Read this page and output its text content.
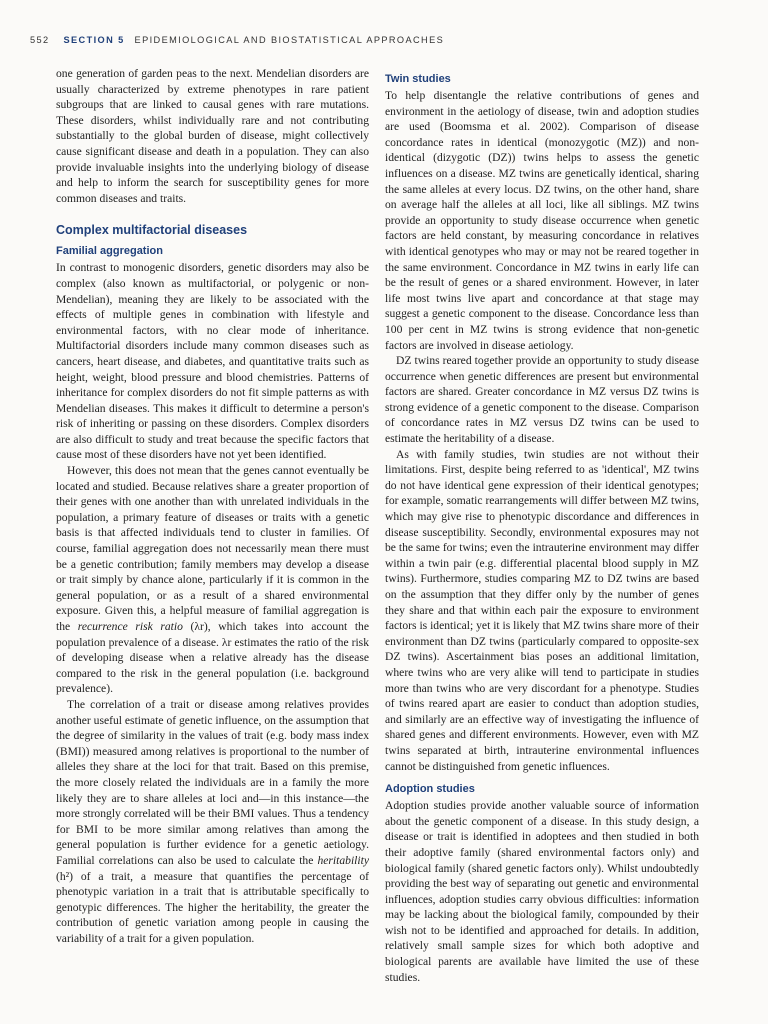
552 SECTION 5 EPIDEMIOLOGICAL AND BIOSTATISTICAL APPROACHES

one generation of garden peas to the next. Mendelian disorders are usually characterized by extreme phenotypes in rare patient subgroups that are linked to causal genes with rare mutations. These disorders, whilst individually rare and not contributing substantially to the global burden of disease, might collectively cause significant disease and death in a population. They can also provide invaluable insights into the underlying biology of disease and help to inform the search for susceptibility genes for more common diseases and traits.

Complex multifactorial diseases
Familial aggregation

In contrast to monogenic disorders, genetic disorders may also be complex (also known as multifactorial, or polygenic or non-Mendelian), meaning they are likely to be associated with the effects of multiple genes in combination with lifestyle and environmental factors, with no clear mode of inheritance. Multifactorial disorders include many common diseases such as cancers, heart disease, and diabetes, and quantitative traits such as height, weight, blood pressure and blood chemistries. Patterns of inheritance for complex disorders do not fit simple patterns as with Mendelian diseases. This makes it difficult to determine a person's risk of inheriting or passing on these disorders. Complex disorders are also difficult to study and treat because the specific factors that cause most of these disorders have not yet been identified.

However, this does not mean that the genes cannot eventually be located and studied. Because relatives share a greater proportion of their genes with one another than with unrelated individuals in the population, a primary feature of diseases or traits with a genetic basis is that affected individuals tend to cluster in families. Of course, familial aggregation does not necessarily mean there must be a genetic contribution; family members may develop a disease or trait simply by chance alone, particularly if it is common in the general population, or as a result of a shared environmental exposure. Given this, a helpful measure of familial aggregation is the recurrence risk ratio (λr), which takes into account the population prevalence of a disease. λr estimates the ratio of the risk of developing disease when a relative already has the disease compared to the risk in the general population (i.e. background prevalence).

The correlation of a trait or disease among relatives provides another useful estimate of genetic influence, on the assumption that the degree of similarity in the values of trait (e.g. body mass index (BMI)) measured among relatives is proportional to the number of alleles they share at the loci for that trait. Based on this premise, the more closely related the individuals are in a family the more likely they are to share alleles at loci and—in this instance—the more strongly correlated will be their BMI values. Thus a tendency for BMI to be more similar among relatives than among the general population is further evidence for a genetic aetiology. Familial correlations can also be used to calculate the heritability (h²) of a trait, a measure that quantifies the percentage of phenotypic variation in a trait that is attributable specifically to genotypic differences. The higher the heritability, the greater the contribution of genetic variation among people in causing the variability of a trait for a given population.

Twin studies

To help disentangle the relative contributions of genes and environment in the aetiology of disease, twin and adoption studies are used (Boomsma et al. 2002). Comparison of disease concordance rates in identical (monozygotic (MZ)) and non-identical (dizygotic (DZ)) twins helps to assess the genetic influences on a disease. MZ twins are genetically identical, sharing the same alleles at every locus. DZ twins, on the other hand, share on average half the alleles at all loci, like all siblings. MZ twins provide an opportunity to study disease occurrence when genetic factors are held constant, by measuring concordance in relatives with identical genotypes who may or may not be reared together in the same environment. Concordance in MZ twins in early life can be the result of genes or a shared environment. However, in later life most twins live apart and concordance at that stage may suggest a genetic component to the disease. Concordance less than 100 per cent in MZ twins is strong evidence that non-genetic factors are involved in disease aetiology.

DZ twins reared together provide an opportunity to study disease occurrence when genetic differences are present but environmental factors are shared. Greater concordance in MZ versus DZ twins is strong evidence of a genetic component to the disease. Comparison of concordance rates in MZ versus DZ twins can be used to estimate the heritability of a disease.

As with family studies, twin studies are not without their limitations. First, despite being referred to as 'identical', MZ twins do not have identical gene expression of their identical genotypes; for example, somatic rearrangements will differ between MZ twins, which may give rise to phenotypic discordance and differences in disease susceptibility. Secondly, environmental exposures may not be the same for twins; even the intrauterine environment may differ within a twin pair (e.g. differential placental blood supply in MZ twins). Furthermore, studies comparing MZ to DZ twins are based on the assumption that they differ only by the number of genes they share and that within each pair the exposure to environment factors is identical; yet it is likely that MZ twins share more of their environment than DZ twins (particularly compared to opposite-sex DZ twins). Ascertainment bias poses an additional limitation, where twins who are very alike will tend to participate in studies more than twins who are very discordant for a phenotype. Studies of twins reared apart are easier to conduct than adoption studies, and similarly are an effective way of investigating the influence of shared genes and different environments. However, even with MZ twins separated at birth, intrauterine environmental influences cannot be distinguished from genetic influences.

Adoption studies

Adoption studies provide another valuable source of information about the genetic component of a disease. In this study design, a disease or trait is identified in adoptees and then studied in both their adoptive family (shared environmental factors only) and biological family (shared genetic factors only). Whilst undoubtedly providing the best way of separating out genetic and environmental influences, adoption studies carry obvious difficulties: information may be lacking about the biological family, compounded by their wish not to be identified and approached for details. In addition, relatively small sample sizes for which both adoptive and biological parents are available have limited the use of these studies.
